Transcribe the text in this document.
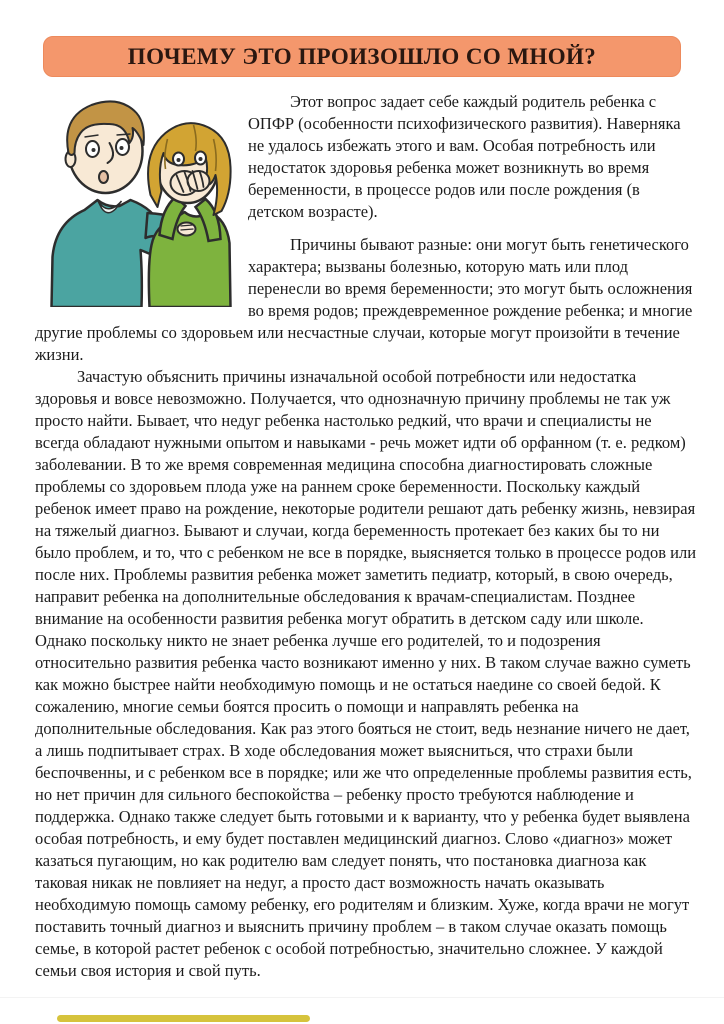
ПОЧЕМУ ЭТО ПРОИЗОШЛО СО МНОЙ?

Этот вопрос задает себе каждый родитель ребенка с ОПФР (особенности психофизического развития). Наверняка не удалось избежать этого и вам. Особая потребность или недостаток здоровья ребенка может возникнуть во время беременности, в процессе родов или после рождения (в детском возрасте).

Причины бывают разные: они могут быть генетического характера; вызваны болезнью, которую мать или плод перенесли во время беременности; это могут быть осложнения во время родов; преждевременное рождение ребенка; и многие другие проблемы со здоровьем или несчастные случаи, которые могут произойти в течение жизни.

Зачастую объяснить причины изначальной особой потребности или недостатка здоровья и вовсе невозможно. Получается, что однозначную причину проблемы не так уж просто найти. Бывает, что недуг ребенка настолько редкий, что врачи и специалисты не всегда обладают нужными опытом и навыками - речь может идти об орфанном (т. е. редком) заболевании. В то же время современная медицина способна диагностировать сложные проблемы со здоровьем плода уже на раннем сроке беременности. Поскольку каждый ребенок имеет право на рождение, некоторые родители решают дать ребенку жизнь, невзирая на тяжелый диагноз. Бывают и случаи, когда беременность протекает без каких бы то ни было проблем, и то, что с ребенком не все в порядке, выясняется только в процессе родов или после них. Проблемы развития ребенка может заметить педиатр, который, в свою очередь, направит ребенка на дополнительные обследования к врачам-специалистам. Позднее внимание на особенности развития ребенка могут обратить в детском саду или школе. Однако поскольку никто не знает ребенка лучше его родителей, то и подозрения относительно развития ребенка часто возникают именно у них. В таком случае важно суметь как можно быстрее найти необходимую помощь и не остаться наедине со своей бедой. К сожалению, многие семьи боятся просить о помощи и направлять ребенка на дополнительные обследования. Как раз этого бояться не стоит, ведь незнание ничего не дает, а лишь подпитывает страх. В ходе обследования может выясниться, что страхи были беспочвенны, и с ребенком все в порядке; или же что определенные проблемы развития есть, но нет причин для сильного беспокойства – ребенку просто требуются наблюдение и поддержка. Однако также следует быть готовыми и к варианту, что у ребенка будет выявлена особая потребность, и ему будет поставлен медицинский диагноз. Слово «диагноз» может казаться пугающим, но как родителю вам следует понять, что постановка диагноза как таковая никак не повлияет на недуг, а просто даст возможность начать оказывать необходимую помощь самому ребенку, его родителям и близким. Хуже, когда врачи не могут поставить точный диагноз и выяснить причину проблем – в таком случае оказать помощь семье, в которой растет ребенок с особой потребностью, значительно сложнее. У каждой семьи своя история и свой путь.
